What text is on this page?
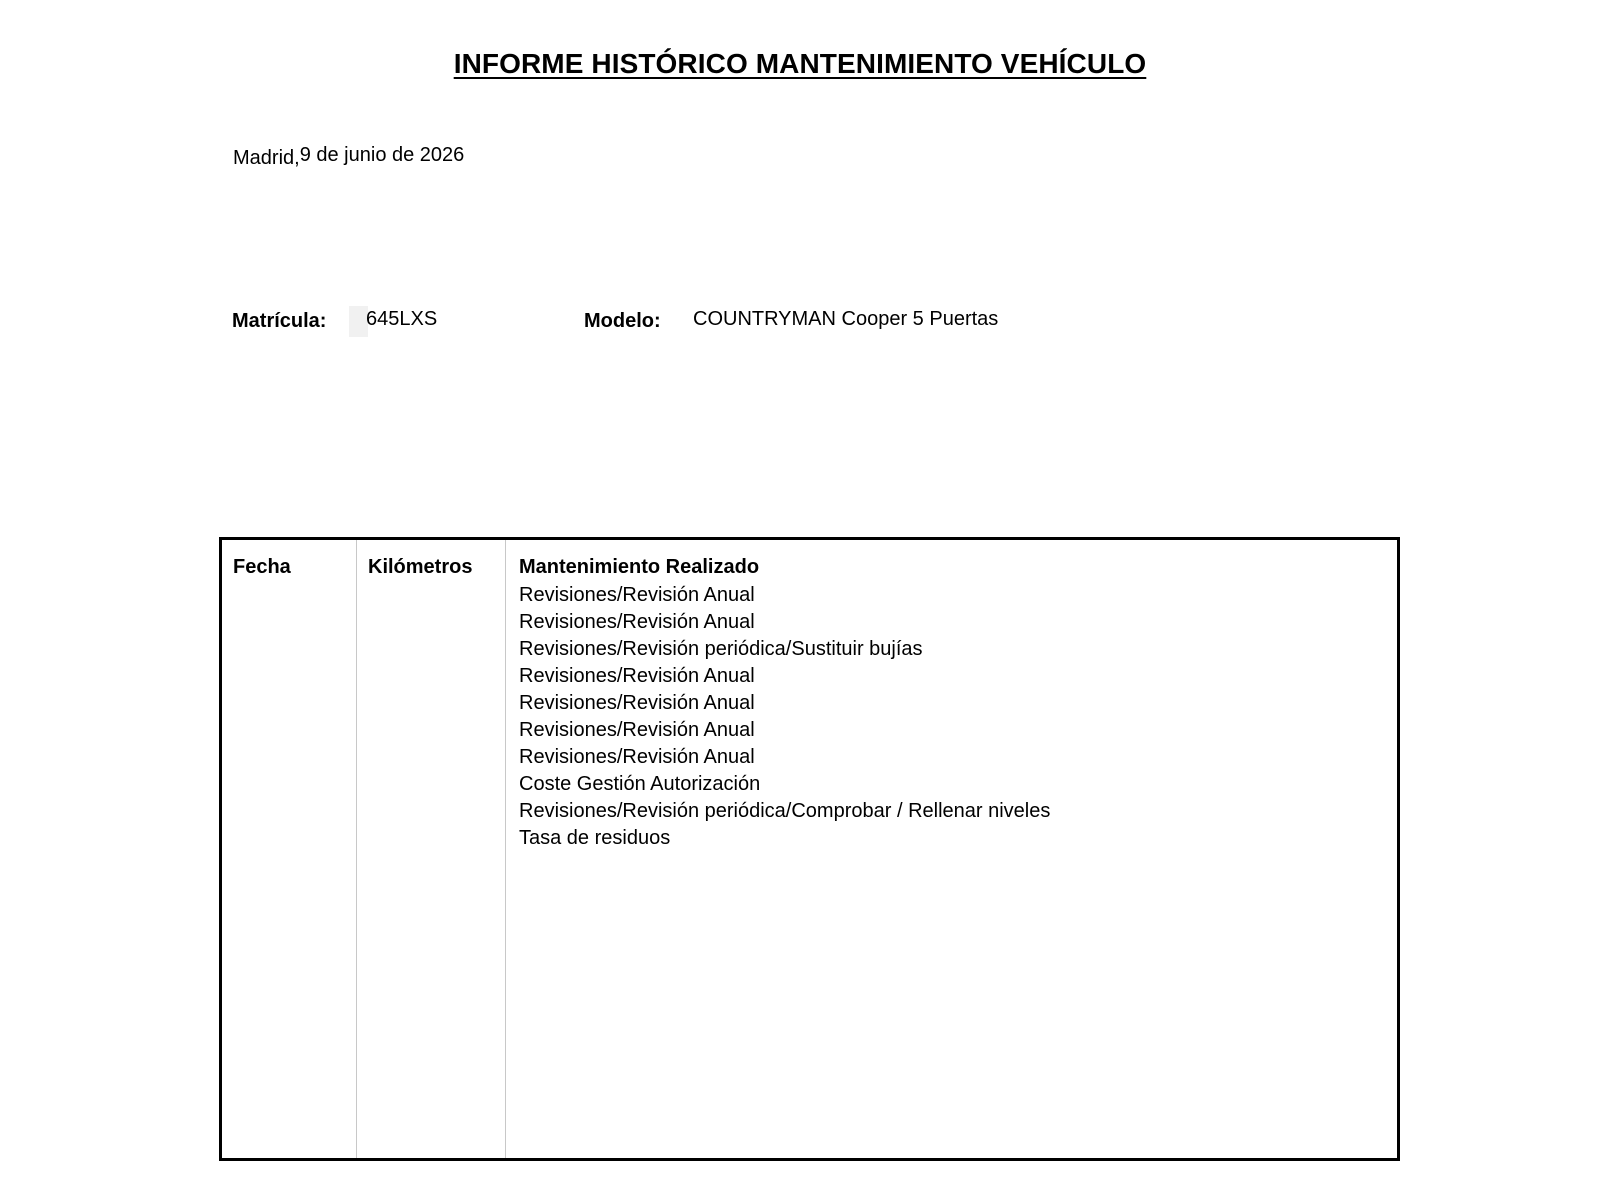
INFORME HISTÓRICO MANTENIMIENTO VEHÍCULO
Madrid,9 de junio de 2026
Matrícula: 645LXS	Modelo: COUNTRYMAN Cooper 5 Puertas
Fecha	Kilómetros Mantenimiento Realizado
Revisiones/Revisión Anual
Revisiones/Revisión Anual
Revisiones/Revisión periódica/Sustituir bujías
Revisiones/Revisión Anual
Revisiones/Revisión Anual
Revisiones/Revisión Anual
Revisiones/Revisión Anual
Coste Gestión Autorización
Revisiones/Revisión periódica/Comprobar / Rellenar niveles
Tasa de residuos
